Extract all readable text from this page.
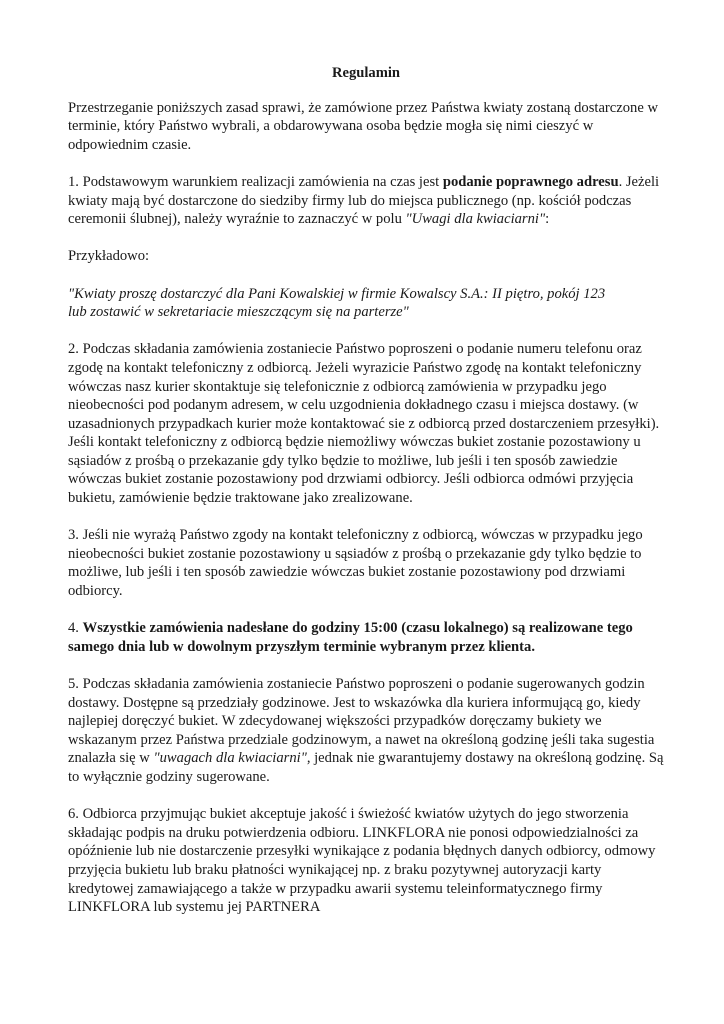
Regulamin

Przestrzeganie poniższych zasad sprawi, że zamówione przez Państwa kwiaty zostaną dostarczone w terminie, który Państwo wybrali, a obdarowywana osoba będzie mogła się nimi cieszyć w odpowiednim czasie.

1. Podstawowym warunkiem realizacji zamówienia na czas jest podanie poprawnego adresu. Jeżeli kwiaty mają być dostarczone do siedziby firmy lub do miejsca publicznego (np. kościół podczas ceremonii ślubnej), należy wyraźnie to zaznaczyć w polu "Uwagi dla kwiaciarni":

Przykładowo:

"Kwiaty proszę dostarczyć dla Pani Kowalskiej w firmie Kowalscy S.A.: II piętro, pokój 123
lub zostawić w sekretariacie mieszczącym się na parterze"

2. Podczas składania zamówienia zostaniecie Państwo poproszeni o podanie numeru telefonu oraz zgodę na kontakt telefoniczny z odbiorcą. Jeżeli wyrazicie Państwo zgodę na kontakt telefoniczny wówczas nasz kurier skontaktuje się telefonicznie z odbiorcą zamówienia w przypadku jego nieobecności pod podanym adresem, w celu uzgodnienia dokładnego czasu i miejsca dostawy. (w uzasadnionych przypadkach kurier może kontaktować sie z odbiorcą przed dostarczeniem przesyłki). Jeśli kontakt telefoniczny z odbiorcą będzie niemożliwy wówczas bukiet zostanie pozostawiony u sąsiadów z prośbą o przekazanie gdy tylko będzie to możliwe, lub jeśli i ten sposób zawiedzie wówczas bukiet zostanie pozostawiony pod drzwiami odbiorcy. Jeśli odbiorca odmówi przyjęcia bukietu, zamówienie będzie traktowane jako zrealizowane.

3. Jeśli nie wyrażą Państwo zgody na kontakt telefoniczny z odbiorcą, wówczas w przypadku jego nieobecności bukiet zostanie pozostawiony u sąsiadów z prośbą o przekazanie gdy tylko będzie to możliwe, lub jeśli i ten sposób zawiedzie wówczas bukiet zostanie pozostawiony pod drzwiami odbiorcy.

4. Wszystkie zamówienia nadesłane do godziny 15:00 (czasu lokalnego) są realizowane tego samego dnia lub w dowolnym przyszłym terminie wybranym przez klienta.

5. Podczas składania zamówienia zostaniecie Państwo poproszeni o podanie sugerowanych godzin dostawy. Dostępne są przedziały godzinowe. Jest to wskazówka dla kuriera informującą go, kiedy najlepiej doręczyć bukiet. W zdecydowanej większości przypadków doręczamy bukiety we wskazanym przez Państwa przedziale godzinowym, a nawet na określoną godzinę jeśli taka sugestia znalazła się w "uwagach dla kwiaciarni", jednak nie gwarantujemy dostawy na określoną godzinę. Są to wyłącznie godziny sugerowane.

6. Odbiorca przyjmując bukiet akceptuje jakość i świeżość kwiatów użytych do jego stworzenia składając podpis na druku potwierdzenia odbioru. LINKFLORA nie ponosi odpowiedzialności za opóźnienie lub nie dostarczenie przesyłki wynikające z podania błędnych danych odbiorcy, odmowy przyjęcia bukietu lub braku płatności wynikającej np. z braku pozytywnej autoryzacji karty kredytowej zamawiającego a także w przypadku awarii systemu teleinformatycznego firmy LINKFLORA lub systemu jej PARTNERA
